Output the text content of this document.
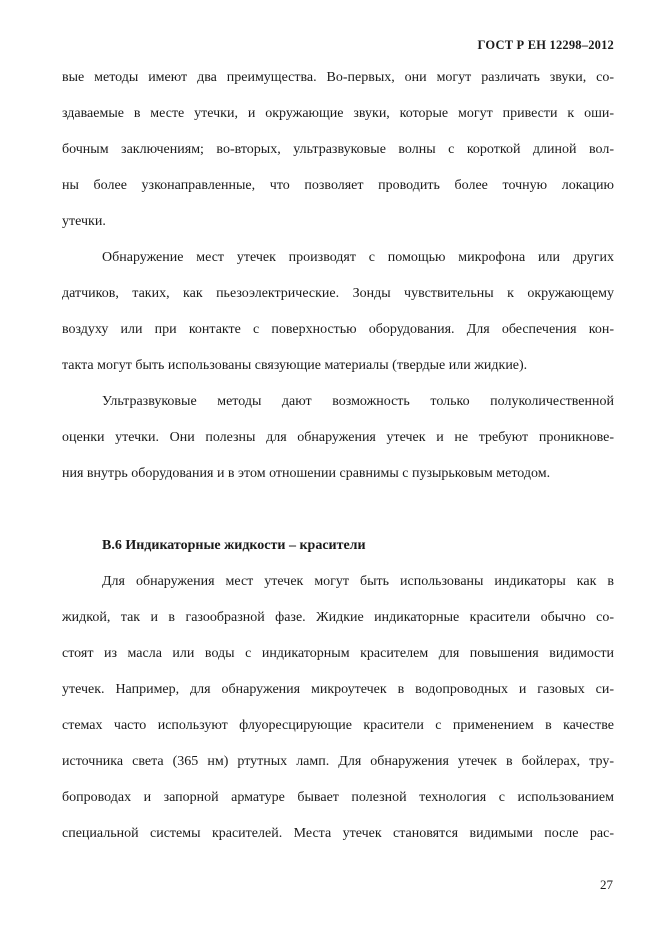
ГОСТ Р ЕН 12298–2012

вые методы имеют два преимущества. Во-первых, они могут различать звуки, со-
здаваемые в месте утечки, и окружающие звуки, которые могут привести к оши-
бочным заключениям; во-вторых, ультразвуковые волны с короткой длиной вол-
ны более узконаправленные, что позволяет проводить более точную локацию
утечки.

Обнаружение мест утечек производят с помощью микрофона или других
датчиков, таких, как пьезоэлектрические. Зонды чувствительны к окружающему
воздуху или при контакте с поверхностью оборудования. Для обеспечения кон-
такта могут быть использованы связующие материалы (твердые или жидкие).

Ультразвуковые методы дают возможность только полуколичественной
оценки утечки. Они полезны для обнаружения утечек и не требуют проникнове-
ния внутрь оборудования и в этом отношении сравнимы с пузырьковым методом.

В.6 Индикаторные жидкости – красители

Для обнаружения мест утечек могут быть использованы индикаторы как в
жидкой, так и в газообразной фазе. Жидкие индикаторные красители обычно со-
стоят из масла или воды с индикаторным красителем для повышения видимости
утечек. Например, для обнаружения микроутечек в водопроводных и газовых си-
стемах часто используют флуоресцирующие красители с применением в качестве
источника света (365 нм) ртутных ламп. Для обнаружения утечек в бойлерах, тру-
бопроводах и запорной арматуре бывает полезной технология с использованием
специальной системы красителей. Места утечек становятся видимыми после рас-

27
